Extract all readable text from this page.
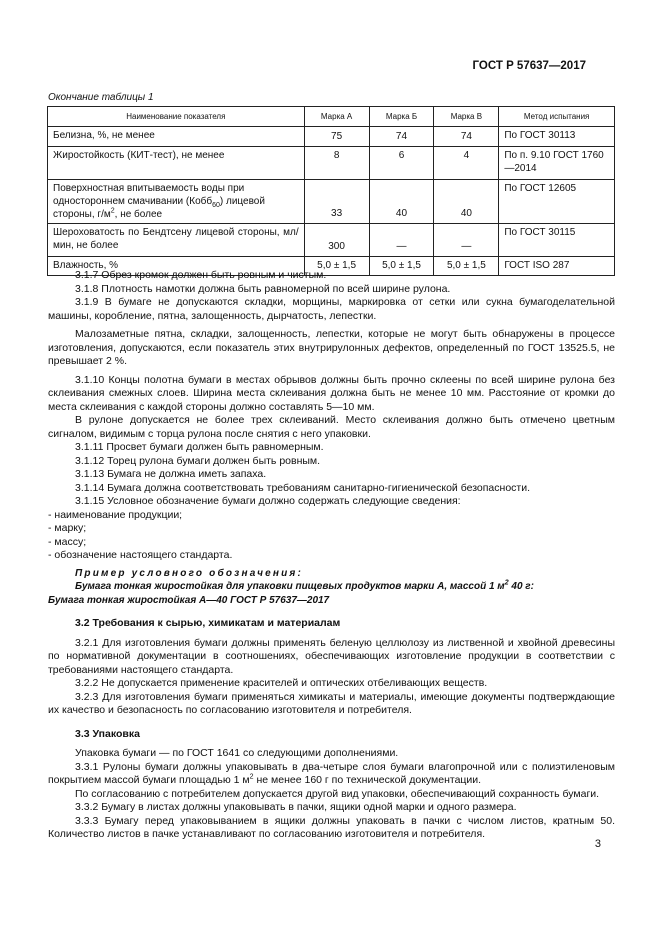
ГОСТ Р 57637—2017
Окончание таблицы 1
Наименование показателя	Марка А	Марка Б	Марка В	Метод испытания
Белизна, %, не менее	75	74	74	По ГОСТ 30113
Жиростойкость (КИТ-тест), не менее	8	6	4	По п. 9.10 ГОСТ 1760—2014
Поверхностная впитываемость воды при одностороннем смачивании (Кобб$_{60}$) лицевой стороны, $г/м^2$, не более	33	40	40	По ГОСТ 12605
Шероховатость по Бендтсену лицевой стороны, мл/мин, не более	300	—	—	По ГОСТ 30115
Влажность, %	5,0 ± 1,5	5,0 ± 1,5	5,0 ± 1,5	ГОСТ ISO 287

3.1.7 Обрез кромок должен быть ровным и чистым.

3.1.8 Плотность намотки должна быть равномерной по всей ширине рулона.

3.1.9 В бумаге не допускаются складки, морщины, маркировка от сетки или сукна бумагоделательной машины, коробление, пятна, залощенность, дырчатость, лепестки.

Малозаметные пятна, складки, залощенность, лепестки, которые не могут быть обнаружены в процессе изготовления, допускаются, если показатель этих внутрирулонных дефектов, определенный по ГОСТ 13525.5, не превышает 2 %.

3.1.10 Концы полотна бумаги в местах обрывов должны быть прочно склеены по всей ширине рулона без склеивания смежных слоев. Ширина места склеивания должна быть не менее 10 мм. Расстояние от кромки до места склеивания с каждой стороны должно составлять 5—10 мм.

В рулоне допускается не более трех склеиваний. Место склеивания должно быть отмечено цветным сигналом, видимым с торца рулона после снятия с него упаковки.

3.1.11 Просвет бумаги должен быть равномерным.

3.1.12 Торец рулона бумаги должен быть ровным.

3.1.13 Бумага не должна иметь запаха.

3.1.14 Бумага должна соответствовать требованиям санитарно-гигиенической безопасности.

3.1.15 Условное обозначение бумаги должно содержать следующие сведения:

- наименование продукции;

- марку;

- массу;

- обозначение настоящего стандарта.

Пример условного обозначения:

Бумага тонкая жиростойкая для упаковки пищевых продуктов марки А, массой 1 $м^2$ 40 г:

Бумага тонкая жиростойкая А—40 ГОСТ Р 57637—2017

3.2 Требования к сырью, химикатам и материалам

3.2.1 Для изготовления бумаги должны применять беленую целлюлозу из лиственной и хвойной древесины по нормативной документации в соотношениях, обеспечивающих изготовление продукции в соответствии с требованиями настоящего стандарта.

3.2.2 Не допускается применение красителей и оптических отбеливающих веществ.

3.2.3 Для изготовления бумаги применяться химикаты и материалы, имеющие документы подтверждающие их качество и безопасность по согласованию изготовителя и потребителя.

3.3 Упаковка

Упаковка бумаги — по ГОСТ 1641 со следующими дополнениями.

3.3.1 Рулоны бумаги должны упаковывать в два-четыре слоя бумаги влагопрочной или с полиэтиленовым покрытием массой бумаги площадью 1 $м^2$ не менее 160 г по технической документации.

По согласованию с потребителем допускается другой вид упаковки, обеспечивающий сохранность бумаги.

3.3.2 Бумагу в листах должны упаковывать в пачки, ящики одной марки и одного размера.

3.3.3 Бумагу перед упаковыванием в ящики должны упаковать в пачки с числом листов, кратным 50. Количество листов в пачке устанавливают по согласованию изготовителя и потребителя.

3
